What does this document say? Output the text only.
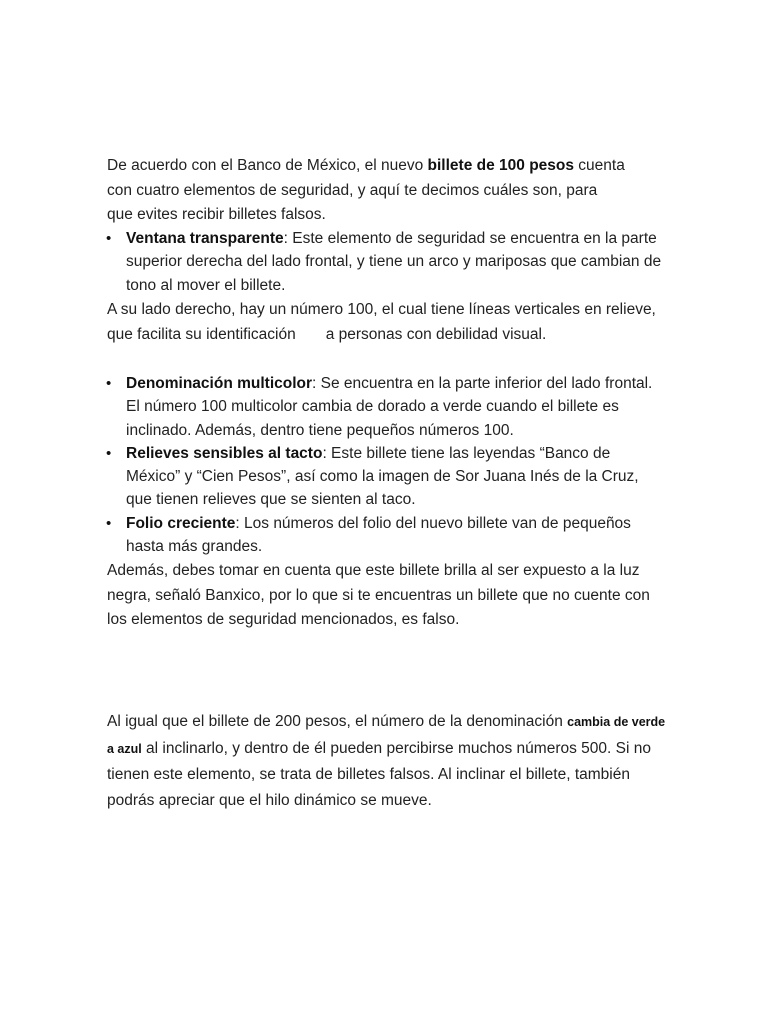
De acuerdo con el Banco de México, el nuevo billete de 100 pesos cuenta con cuatro elementos de seguridad, y aquí te decimos cuáles son, para que evites recibir billetes falsos.

• Ventana transparente: Este elemento de seguridad se encuentra en la parte superior derecha del lado frontal, y tiene un arco y mariposas que cambian de tono al mover el billete.

A su lado derecho, hay un número 100, el cual tiene líneas verticales en relieve, que facilita su identificación a personas con debilidad visual.

• Denominación multicolor: Se encuentra en la parte inferior del lado frontal. El número 100 multicolor cambia de dorado a verde cuando el billete es inclinado. Además, dentro tiene pequeños números 100.
• Relieves sensibles al tacto: Este billete tiene las leyendas “Banco de México” y “Cien Pesos”, así como la imagen de Sor Juana Inés de la Cruz, que tienen relieves que se sienten al taco.
• Folio creciente: Los números del folio del nuevo billete van de pequeños hasta más grandes.

Además, debes tomar en cuenta que este billete brilla al ser expuesto a la luz negra, señaló Banxico, por lo que si te encuentras un billete que no cuente con los elementos de seguridad mencionados, es falso.

Al igual que el billete de 200 pesos, el número de la denominación cambia de verde a azul al inclinarlo, y dentro de él pueden percibirse muchos números 500. Si no tienen este elemento, se trata de billetes falsos. Al inclinar el billete, también podrás apreciar que el hilo dinámico se mueve.
